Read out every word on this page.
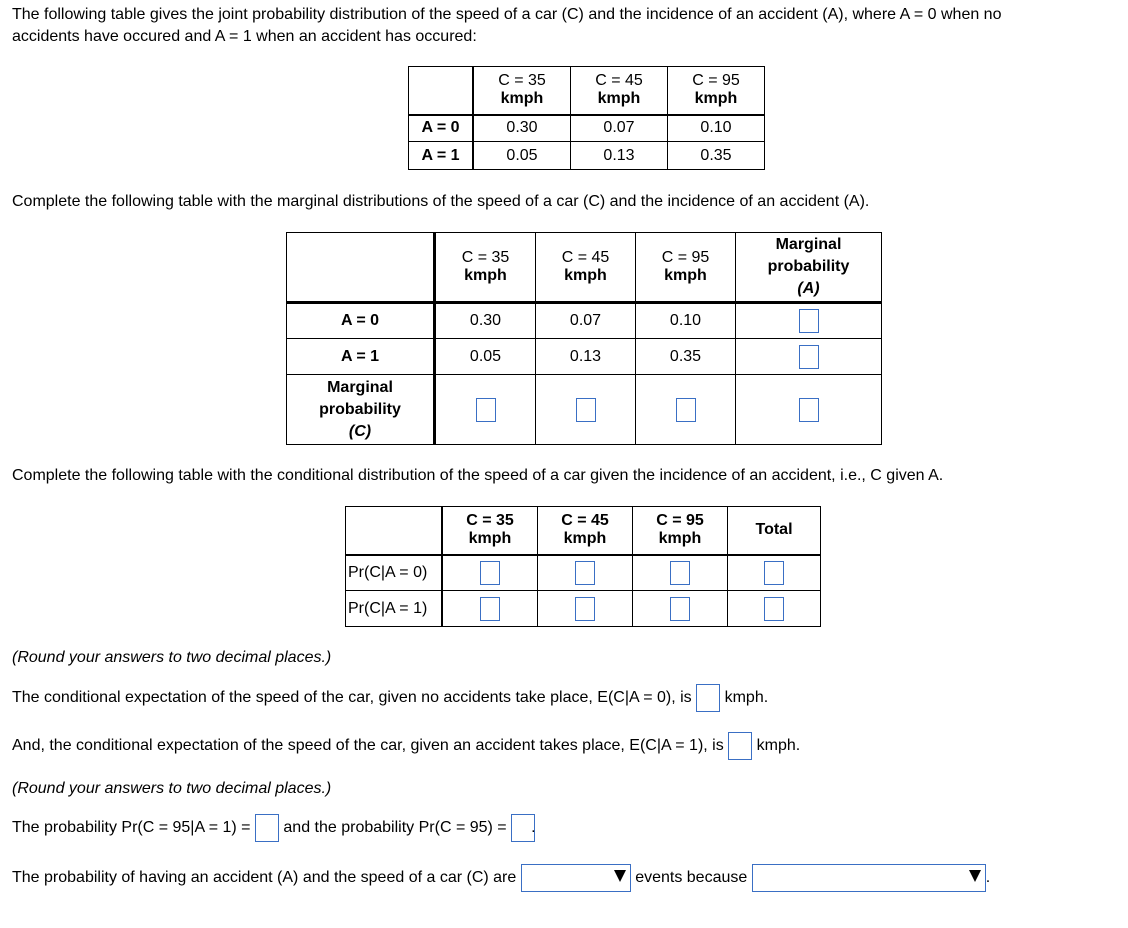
The following table gives the joint probability distribution of the speed of a car (C) and the incidence of an accident (A), where A = 0 when no
accidents have occured and A = 1 when an accident has occured:
	C = 35
kmph	C = 45
kmph	C = 95
kmph
A = 0	0.30	0.07	0.10
A = 1	0.05	0.13	0.35
Complete the following table with the marginal distributions of the speed of a car (C) and the incidence of an accident (A).
	C = 35
kmph	C = 45
kmph	C = 95
kmph	Marginal
probability
(A)
A = 0	0.30	0.07	0.10	
A = 1	0.05	0.13	0.35	
Marginal
probability
(C)				
Complete the following table with the conditional distribution of the speed of a car given the incidence of an accident, i.e., C given A.
	C = 35
kmph	C = 45
kmph	C = 95
kmph	Total
Pr(C|A = 0)				
Pr(C|A = 1)				
(Round your answers to two decimal places.)
The conditional expectation of the speed of the car, given no accidents take place, E(C|A = 0), is kmph.
And, the conditional expectation of the speed of the car, given an accident takes place, E(C|A = 1), is kmph.
(Round your answers to two decimal places.)
The probability Pr(C = 95|A = 1) = and the probability Pr(C = 95) = .
The probability of having an accident (A) and the speed of a car (C) are	events because	.
